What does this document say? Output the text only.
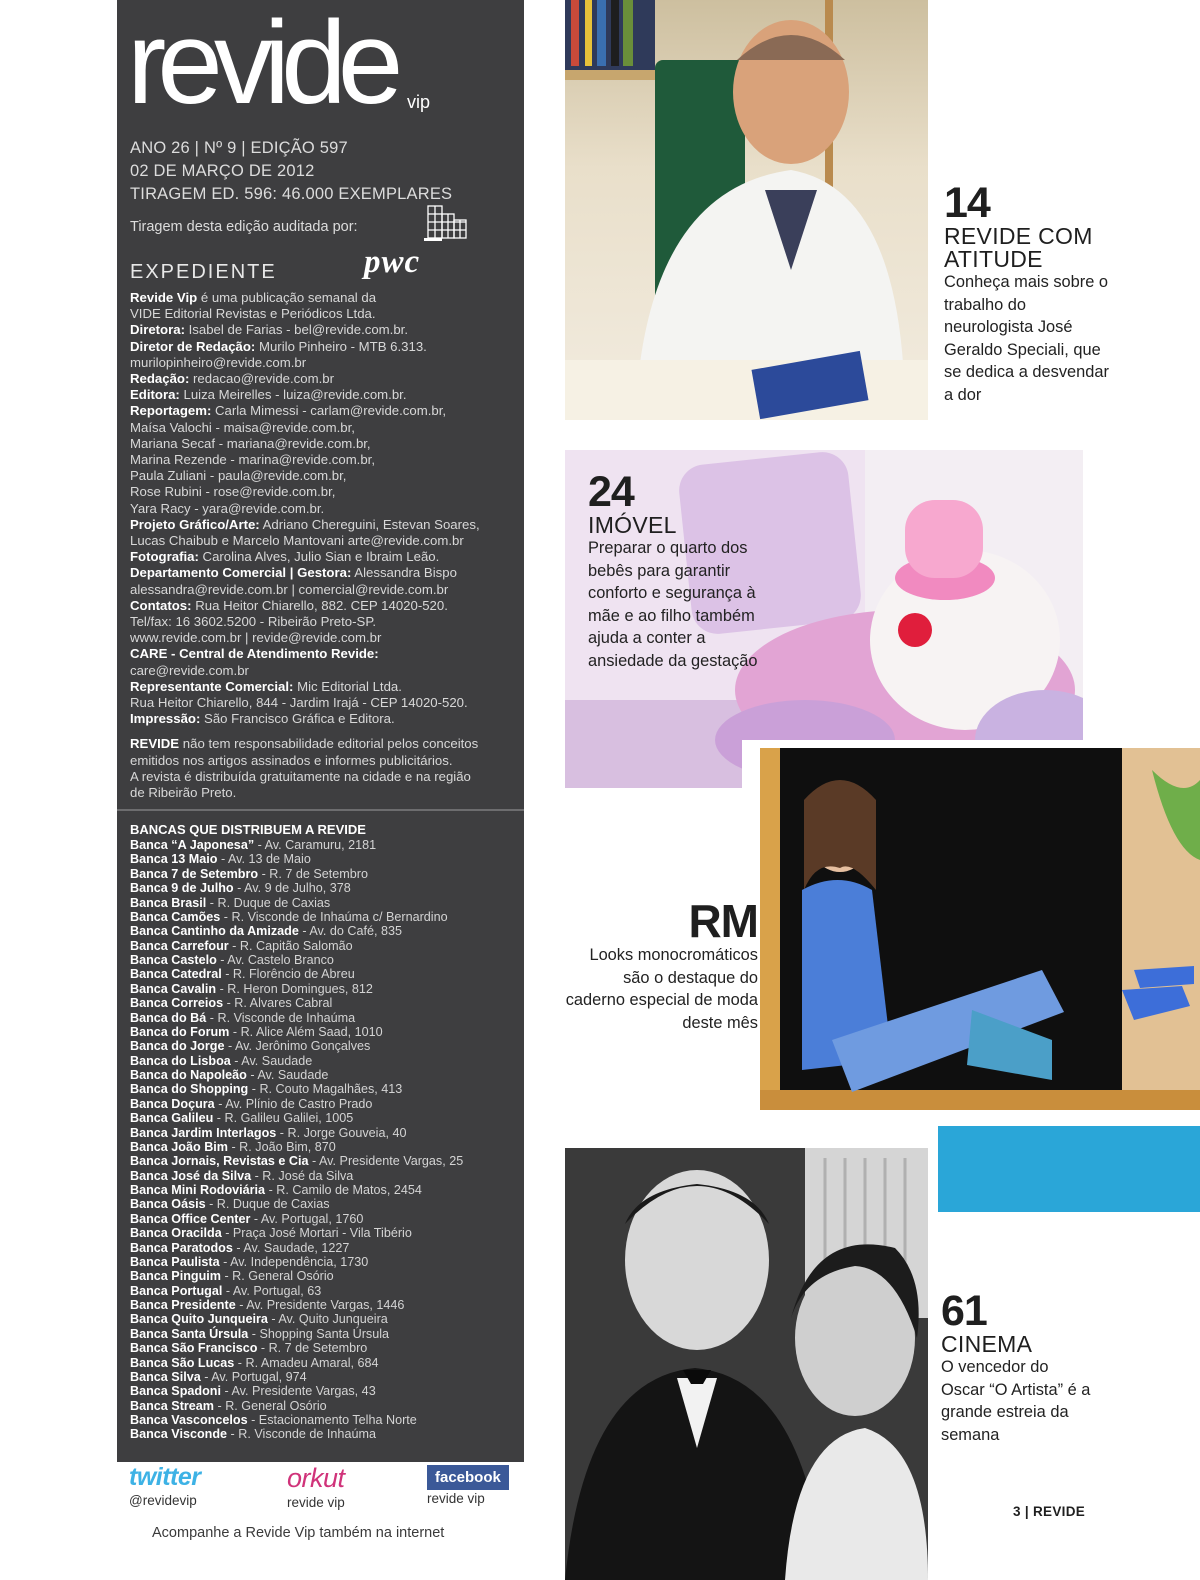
revide vip
ANO 26 | Nº 9 | EDIÇÃO 597
02 DE MARÇO DE 2012
TIRAGEM ED. 596: 46.000 EXEMPLARES
Tiragem desta edição auditada por:
pwc
EXPEDIENTE
Revide Vip é uma publicação semanal da
VIDE Editorial Revistas e Periódicos Ltda.
Diretora: Isabel de Farias - bel@revide.com.br.
Diretor de Redação: Murilo Pinheiro - MTB 6.313.
murilopinheiro@revide.com.br
Redação: redacao@revide.com.br
Editora: Luiza Meirelles - luiza@revide.com.br.
Reportagem: Carla Mimessi - carlam@revide.com.br,
Maísa Valochi - maisa@revide.com.br,
Mariana Secaf - mariana@revide.com.br,
Marina Rezende - marina@revide.com.br,
Paula Zuliani - paula@revide.com.br,
Rose Rubini - rose@revide.com.br,
Yara Racy - yara@revide.com.br.
Projeto Gráfico/Arte: Adriano Chereguini, Estevan Soares,
Lucas Chaibub e Marcelo Mantovani arte@revide.com.br
Fotografia: Carolina Alves, Julio Sian e Ibraim Leão.
Departamento Comercial | Gestora: Alessandra Bispo
alessandra@revide.com.br | comercial@revide.com.br
Contatos: Rua Heitor Chiarello, 882. CEP 14020-520.
Tel/fax: 16 3602.5200 - Ribeirão Preto-SP.
www.revide.com.br | revide@revide.com.br
CARE - Central de Atendimento Revide:
care@revide.com.br
Representante Comercial: Mic Editorial Ltda.
Rua Heitor Chiarello, 844 - Jardim Irajá - CEP 14020-520.
Impressão: São Francisco Gráfica e Editora.
REVIDE não tem responsabilidade editorial pelos conceitos
emitidos nos artigos assinados e informes publicitários.
A revista é distribuída gratuitamente na cidade e na região
de Ribeirão Preto.
BANCAS QUE DISTRIBUEM A REVIDE
Banca “A Japonesa” - Av. Caramuru, 2181
Banca 13 Maio - Av. 13 de Maio
Banca 7 de Setembro - R. 7 de Setembro
Banca 9 de Julho - Av. 9 de Julho, 378
Banca Brasil - R. Duque de Caxias
Banca Camões - R. Visconde de Inhaúma c/ Bernardino
Banca Cantinho da Amizade - Av. do Café, 835
Banca Carrefour - R. Capitão Salomão
Banca Castelo - Av. Castelo Branco
Banca Catedral - R. Florêncio de Abreu
Banca Cavalin - R. Heron Domingues, 812
Banca Correios - R. Alvares Cabral
Banca do Bá - R. Visconde de Inhaúma
Banca do Forum - R. Alice Além Saad, 1010
Banca do Jorge - Av. Jerônimo Gonçalves
Banca do Lisboa - Av. Saudade
Banca do Napoleão - Av. Saudade
Banca do Shopping - R. Couto Magalhães, 413
Banca Doçura - Av. Plínio de Castro Prado
Banca Galileu - R. Galileu Galilei, 1005
Banca Jardim Interlagos - R. Jorge Gouveia, 40
Banca João Bim - R. João Bim, 870
Banca Jornais, Revistas e Cia - Av. Presidente Vargas, 25
Banca José da Silva - R. José da Silva
Banca Mini Rodoviária - R. Camilo de Matos, 2454
Banca Oásis - R. Duque de Caxias
Banca Office Center - Av. Portugal, 1760
Banca Oracilda - Praça José Mortari - Vila Tibério
Banca Paratodos - Av. Saudade, 1227
Banca Paulista - Av. Independência, 1730
Banca Pinguim - R. General Osório
Banca Portugal - Av. Portugal, 63
Banca Presidente - Av. Presidente Vargas, 1446
Banca Quito Junqueira - Av. Quito Junqueira
Banca Santa Úrsula - Shopping Santa Úrsula
Banca São Francisco - R. 7 de Setembro
Banca São Lucas - R. Amadeu Amaral, 684
Banca Silva - Av. Portugal, 974
Banca Spadoni - Av. Presidente Vargas, 43
Banca Stream - R. General Osório
Banca Vasconcelos - Estacionamento Telha Norte
Banca Visconde - R. Visconde de Inhaúma
twitter
@revidevip
orkut
revide vip
facebook
revide vip
Acompanhe a Revide Vip também na internet
14
REVIDE COM ATITUDE
Conheça mais sobre o trabalho do neurologista José Geraldo Speciali, que se dedica a desvendar a dor
24
IMÓVEL
Preparar o quarto dos bebês para garantir conforto e segurança à mãe e ao filho também ajuda a conter a ansiedade da gestação
RM
Looks monocromáticos são o destaque do caderno especial de moda deste mês
61
CINEMA
O vencedor do Oscar “O Artista” é a grande estreia da semana
3 | REVIDE
